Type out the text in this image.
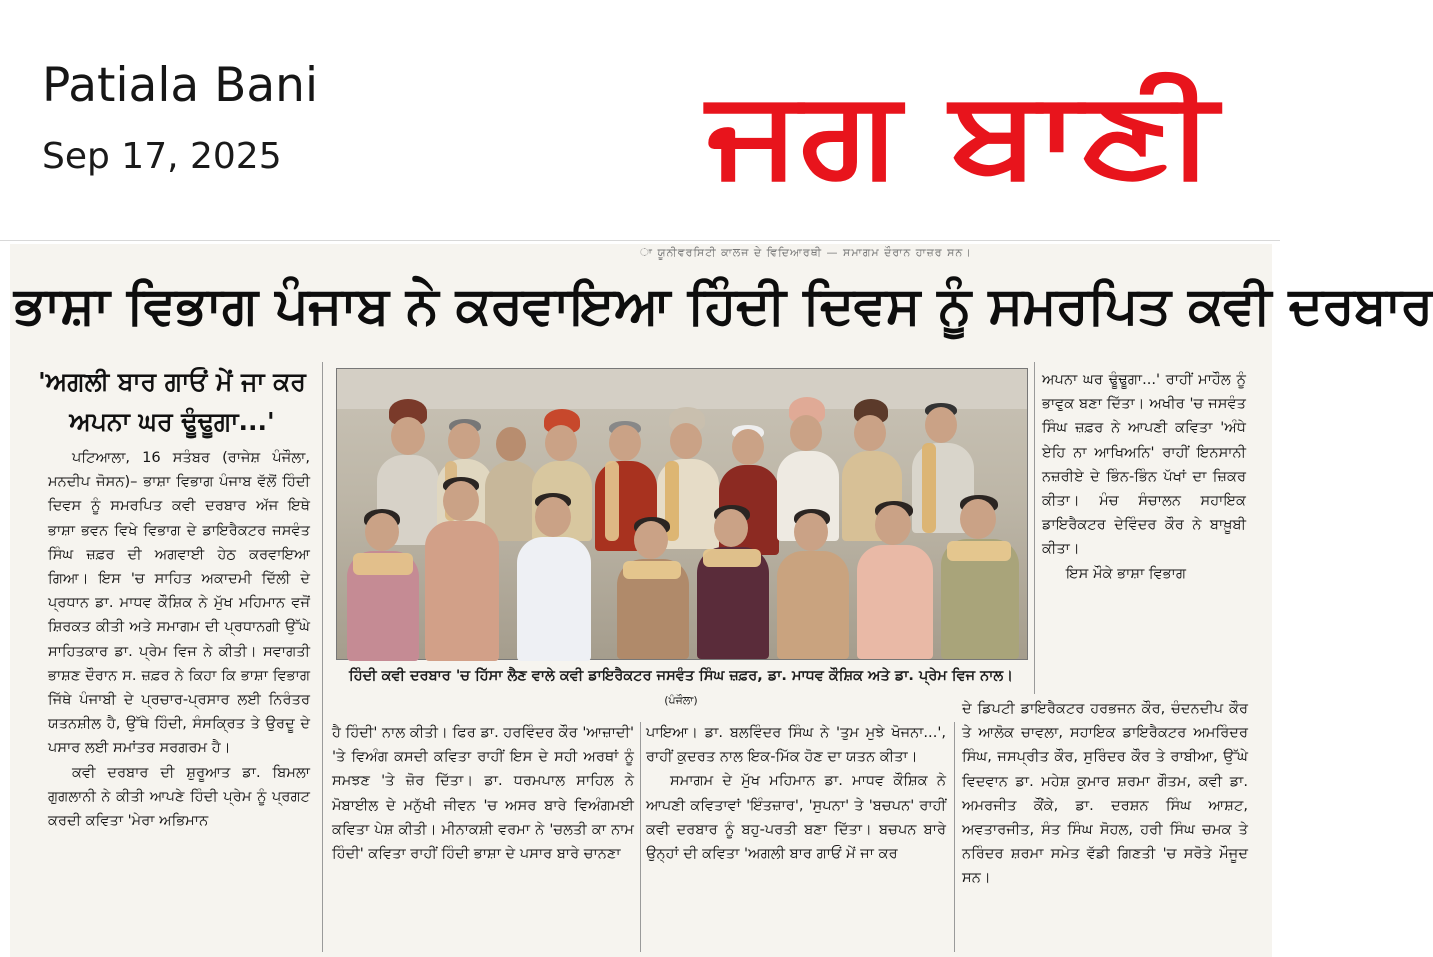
Patiala Bani
Sep 17, 2025	ਜਗ ਬਾਣੀ
ਾ ਯੂਨੀਵਰਸਿਟੀ ਕਾਲਜ ਦੇ ਵਿਦਿਆਰਥੀ — ਸਮਾਗਮ ਦੌਰਾਨ ਹਾਜ਼ਰ ਸਨ।
ਭਾਸ਼ਾ ਵਿਭਾਗ ਪੰਜਾਬ ਨੇ ਕਰਵਾਇਆ ਹਿੰਦੀ ਦਿਵਸ ਨੂੰ ਸਮਰਪਿਤ ਕਵੀ ਦਰਬਾਰ
'ਅਗਲੀ ਬਾਰ ਗਾਓਂ ਮੇਂ ਜਾ ਕਰ ਅਪਨਾ ਘਰ ਢੂੰਢੂਗਾ...'

ਪਟਿਆਲਾ, 16 ਸਤੰਬਰ (ਰਾਜੇਸ਼ ਪੰਜੌਲਾ, ਮਨਦੀਪ ਜੋਸਨ)– ਭਾਸ਼ਾ ਵਿਭਾਗ ਪੰਜਾਬ ਵੱਲੋਂ ਹਿੰਦੀ ਦਿਵਸ ਨੂੰ ਸਮਰਪਿਤ ਕਵੀ ਦਰਬਾਰ ਅੱਜ ਇਥੇ ਭਾਸ਼ਾ ਭਵਨ ਵਿਖੇ ਵਿਭਾਗ ਦੇ ਡਾਇਰੈਕਟਰ ਜਸਵੰਤ ਸਿੰਘ ਜ਼ਫ਼ਰ ਦੀ ਅਗਵਾਈ ਹੇਠ ਕਰਵਾਇਆ ਗਿਆ। ਇਸ 'ਚ ਸਾਹਿਤ ਅਕਾਦਮੀ ਦਿੱਲੀ ਦੇ ਪ੍ਰਧਾਨ ਡਾ. ਮਾਧਵ ਕੌਸ਼ਿਕ ਨੇ ਮੁੱਖ ਮਹਿਮਾਨ ਵਜੋਂ ਸ਼ਿਰਕਤ ਕੀਤੀ ਅਤੇ ਸਮਾਗਮ ਦੀ ਪ੍ਰਧਾਨਗੀ ਉੱਘੇ ਸਾਹਿਤਕਾਰ ਡਾ. ਪ੍ਰੇਮ ਵਿਜ ਨੇ ਕੀਤੀ। ਸਵਾਗਤੀ ਭਾਸ਼ਣ ਦੌਰਾਨ ਸ. ਜ਼ਫ਼ਰ ਨੇ ਕਿਹਾ ਕਿ ਭਾਸ਼ਾ ਵਿਭਾਗ ਜਿੱਥੇ ਪੰਜਾਬੀ ਦੇ ਪ੍ਰਚਾਰ-ਪ੍ਰਸਾਰ ਲਈ ਨਿਰੰਤਰ ਯਤਨਸ਼ੀਲ ਹੈ, ਉੱਥੇ ਹਿੰਦੀ, ਸੰਸਕ੍ਰਿਤ ਤੇ ਉਰਦੂ ਦੇ ਪਸਾਰ ਲਈ ਸਮਾਂਤਰ ਸਰਗਰਮ ਹੈ।

ਕਵੀ ਦਰਬਾਰ ਦੀ ਸ਼ੁਰੂਆਤ ਡਾ. ਬਿਮਲਾ ਗੁਗਲਾਨੀ ਨੇ ਕੀਤੀ ਆਪਣੇ ਹਿੰਦੀ ਪ੍ਰੇਮ ਨੂੰ ਪ੍ਰਗਟ ਕਰਦੀ ਕਵਿਤਾ 'ਮੇਰਾ ਅਭਿਮਾਨ

ਹਿੰਦੀ ਕਵੀ ਦਰਬਾਰ 'ਚ ਹਿੱਸਾ ਲੈਣ ਵਾਲੇ ਕਵੀ ਡਾਇਰੈਕਟਰ ਜਸਵੰਤ ਸਿੰਘ ਜ਼ਫ਼ਰ, ਡਾ. ਮਾਧਵ ਕੌਸ਼ਿਕ ਅਤੇ ਡਾ. ਪ੍ਰੇਮ ਵਿਜ ਨਾਲ। (ਪੰਜੌਲਾ)

ਹੈ ਹਿੰਦੀ' ਨਾਲ ਕੀਤੀ। ਫਿਰ ਡਾ. ਹਰਵਿੰਦਰ ਕੌਰ 'ਆਜ਼ਾਦੀ' 'ਤੇ ਵਿਅੰਗ ਕਸਦੀ ਕਵਿਤਾ ਰਾਹੀਂ ਇਸ ਦੇ ਸਹੀ ਅਰਥਾਂ ਨੂੰ ਸਮਝਣ 'ਤੇ ਜ਼ੋਰ ਦਿੱਤਾ। ਡਾ. ਧਰਮਪਾਲ ਸਾਹਿਲ ਨੇ ਮੋਬਾਈਲ ਦੇ ਮਨੁੱਖੀ ਜੀਵਨ 'ਚ ਅਸਰ ਬਾਰੇ ਵਿਅੰਗਮਈ ਕਵਿਤਾ ਪੇਸ਼ ਕੀਤੀ। ਮੀਨਾਕਸ਼ੀ ਵਰਮਾ ਨੇ 'ਚਲਤੀ ਕਾ ਨਾਮ ਹਿੰਦੀ' ਕਵਿਤਾ ਰਾਹੀਂ ਹਿੰਦੀ ਭਾਸ਼ਾ ਦੇ ਪਸਾਰ ਬਾਰੇ ਚਾਨਣਾ

ਪਾਇਆ। ਡਾ. ਬਲਵਿੰਦਰ ਸਿੰਘ ਨੇ 'ਤੁਮ ਮੁਝੇ ਖੋਜਨਾ...', ਰਾਹੀਂ ਕੁਦਰਤ ਨਾਲ ਇਕ-ਮਿੱਕ ਹੋਣ ਦਾ ਯਤਨ ਕੀਤਾ।

ਸਮਾਗਮ ਦੇ ਮੁੱਖ ਮਹਿਮਾਨ ਡਾ. ਮਾਧਵ ਕੌਸ਼ਿਕ ਨੇ ਆਪਣੀ ਕਵਿਤਾਵਾਂ 'ਇੰਤਜ਼ਾਰ', 'ਸੁਪਨਾ' ਤੇ 'ਬਚਪਨ' ਰਾਹੀਂ ਕਵੀ ਦਰਬਾਰ ਨੂੰ ਬਹੁ-ਪਰਤੀ ਬਣਾ ਦਿੱਤਾ। ਬਚਪਨ ਬਾਰੇ ਉਨ੍ਹਾਂ ਦੀ ਕਵਿਤਾ 'ਅਗਲੀ ਬਾਰ ਗਾਓਂ ਮੇਂ ਜਾ ਕਰ

ਅਪਨਾ ਘਰ ਢੂੰਢੂਗਾ...' ਰਾਹੀਂ ਮਾਹੌਲ ਨੂੰ ਭਾਵੁਕ ਬਣਾ ਦਿੱਤਾ। ਅਖੀਰ 'ਚ ਜਸਵੰਤ ਸਿੰਘ ਜ਼ਫ਼ਰ ਨੇ ਆਪਣੀ ਕਵਿਤਾ 'ਅੰਧੇ ਏਹਿ ਨਾ ਆਖਿਅਨਿ' ਰਾਹੀਂ ਇਨਸਾਨੀ ਨਜ਼ਰੀਏ ਦੇ ਭਿੰਨ-ਭਿੰਨ ਪੱਖਾਂ ਦਾ ਜ਼ਿਕਰ ਕੀਤਾ। ਮੰਚ ਸੰਚਾਲਨ ਸਹਾਇਕ ਡਾਇਰੈਕਟਰ ਦੇਵਿੰਦਰ ਕੌਰ ਨੇ ਬਾਖ਼ੂਬੀ ਕੀਤਾ।

ਇਸ ਮੌਕੇ ਭਾਸ਼ਾ ਵਿਭਾਗ

ਦੇ ਡਿਪਟੀ ਡਾਇਰੈਕਟਰ ਹਰਭਜਨ ਕੌਰ, ਚੰਦਨਦੀਪ ਕੌਰ ਤੇ ਆਲੋਕ ਚਾਵਲਾ, ਸਹਾਇਕ ਡਾਇਰੈਕਟਰ ਅਮਰਿੰਦਰ ਸਿੰਘ, ਜਸਪ੍ਰੀਤ ਕੌਰ, ਸੁਰਿੰਦਰ ਕੌਰ ਤੇ ਰਾਬੀਆ, ਉੱਘੇ ਵਿਦਵਾਨ ਡਾ. ਮਹੇਸ਼ ਕੁਮਾਰ ਸ਼ਰਮਾ ਗੌਤਮ, ਕਵੀ ਡਾ. ਅਮਰਜੀਤ ਕੌਂਕੇ, ਡਾ. ਦਰਸ਼ਨ ਸਿੰਘ ਆਸ਼ਟ, ਅਵਤਾਰਜੀਤ, ਸੰਤ ਸਿੰਘ ਸੋਹਲ, ਹਰੀ ਸਿੰਘ ਚਮਕ ਤੇ ਨਰਿੰਦਰ ਸ਼ਰਮਾ ਸਮੇਤ ਵੱਡੀ ਗਿਣਤੀ 'ਚ ਸਰੋਤੇ ਮੌਜੂਦ ਸਨ।
